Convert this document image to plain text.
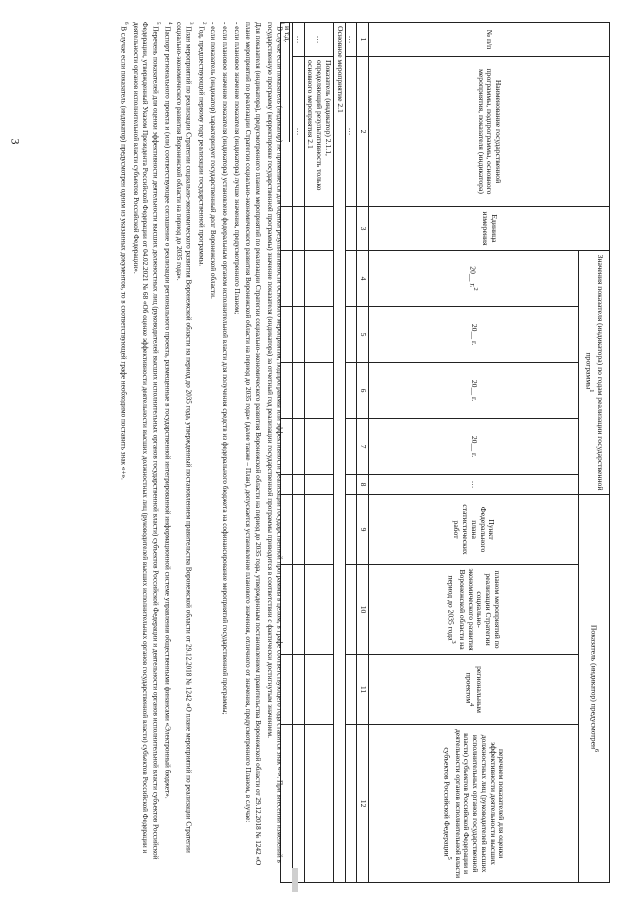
3
№ п/п	Наименование государственной программы, подпрограммы, основного мероприятия, показателя (индикатора)	Единица измерения	Значения показателя (индикатора) по годам реализации государственной программы$^1$					Показатель (индикатор) предусмотрен$^6$
			20__ г.$^2$	20__ г.	20__ г.	20__ г.	…	Пункт Федерального плана статистических работ	планом мероприятий по реализации Стратегии социально-экономического развития Воронежской области на период до 2035 года$^3$	региональным проектом$^4$	перечнем показателей для оценки эффективности деятельности высших должностных лиц (руководителей высших исполнительных органов государственной власти) субъектов Российской Федерации и деятельности органов исполнительной власти субъектов Российской Федерации$^5$
1	2	3	4	5	6	7	8	9	10	11	12
…	…										
Основное мероприятие 2.1											
…	Показатель (индикатор) 2.1.1, определяющий результативность только основного мероприятия 2.1										
…	…										
и т.д.											

$^1$ В случае если показатель (индикатор) не применяется для оценки результативности основного мероприятия, подпрограммы или эффективности реализации государственной программы в целом, в графе соответствующего года ставится знак «-». При внесении изменений в государственную программу (корректировке государственной программы) значение показателя (индикатора) за отчетный год реализации государственной программы приводится в соответствии с фактически достигнутым значением.

Для показателя (индикатора), предусмотренного планом мероприятий по реализации Стратегии социально-экономического развития Воронежской области на период до 2035 года, утвержденным постановлением правительства Воронежской области от 29.12.2018 № 1242 «О плане мероприятий по реализации Стратегии социально-экономического развития Воронежской области на период до 2035 года» (далее также – План), допускается установление планового значения, отличного от значения, предусмотренного Планом, в случае:

- если плановое значение показателя (индикатора) лучше значения, предусмотренного Планом;

- если плановое значение показателя (индикатора) установлено федеральным органом исполнительной власти для получения средств из федерального бюджета на софинансирование мероприятий государственной программы;

- если показатель (индикатор) характеризует государственный долг Воронежской области.

$^2$ Год, предшествующий первому году реализации государственной программы.

$^3$ План мероприятий по реализации Стратегии социально-экономического развития Воронежской области на период до 2035 года, утвержденный постановлением правительства Воронежской области от 29.12.2018 № 1242 «О плане мероприятий по реализации Стратегии социально-экономического развития Воронежской области на период до 2035 года».

$^4$ Паспорт регионального проекта и (или) соответствующее соглашение о реализации регионального проекта, размещенные в государственной интегрированной информационной системе управления общественными финансами «Электронный бюджет».

$^5$ Перечень показателей для оценки эффективности деятельности высших должностных лиц (руководителей высших исполнительных органов государственной власти) субъектов Российской Федерации и деятельности органов исполнительной власти субъектов Российской Федерации, утвержденный Указом Президента Российской Федерации от 04.02.2021 № 68 «Об оценке эффективности деятельности высших должностных лиц (руководителей высших исполнительных органов государственной власти) субъектов Российской Федерации и деятельности органов исполнительной власти субъектов Российской Федерации».

$^6$ В случае если показатель (индикатор) предусмотрен одним из указанных документов, то в соответствующей графе необходимо поставить знак «+».
